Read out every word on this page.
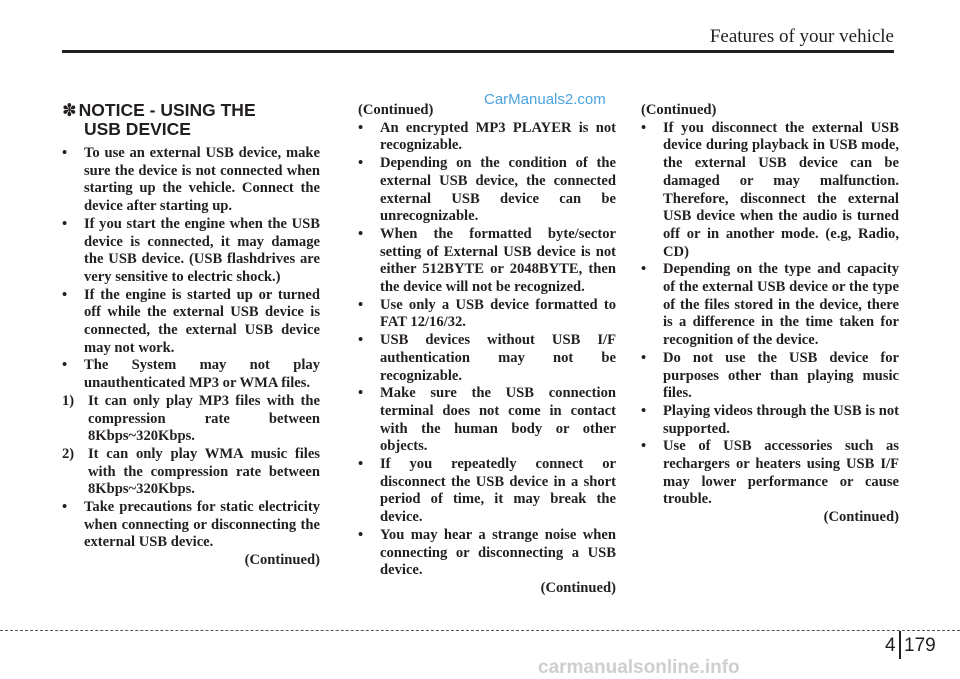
Features of your vehicle
CarManuals2.com
✽ NOTICE - USING THE
USB DEVICE

• To use an external USB device, make sure the device is not connected when starting up the vehicle. Connect the device after starting up.

• If you start the engine when the USB device is connected, it may damage the USB device. (USB flashdrives are very sensitive to electric shock.)

• If the engine is started up or turned off while the external USB device is connected, the external USB device may not work.

• The System may not play unauthenticated MP3 or WMA files.

1) It can only play MP3 files with the compression rate between 8Kbps~320Kbps.

2) It can only play WMA music files with the compression rate between 8Kbps~320Kbps.

• Take precautions for static electricity when connecting or disconnecting the external USB device.

(Continued)

(Continued)

• An encrypted MP3 PLAYER is not recognizable.

• Depending on the condition of the external USB device, the connected external USB device can be unrecognizable.

• When the formatted byte/sector setting of External USB device is not either 512BYTE or 2048BYTE, then the device will not be recognized.

• Use only a USB device formatted to FAT 12/16/32.

• USB devices without USB I/F authentication may not be recognizable.

• Make sure the USB connection terminal does not come in contact with the human body or other objects.

• If you repeatedly connect or disconnect the USB device in a short period of time, it may break the device.

• You may hear a strange noise when connecting or disconnecting a USB device.

(Continued)

(Continued)

• If you disconnect the external USB device during playback in USB mode, the external USB device can be damaged or may malfunction. Therefore, disconnect the external USB device when the audio is turned off or in another mode. (e.g, Radio, CD)

• Depending on the type and capacity of the external USB device or the type of the files stored in the device, there is a difference in the time taken for recognition of the device.

• Do not use the USB device for purposes other than playing music files.

• Playing videos through the USB is not supported.

• Use of USB accessories such as rechargers or heaters using USB I/F may lower performance or cause trouble.

(Continued)

4 179
carmanualsonline.info
